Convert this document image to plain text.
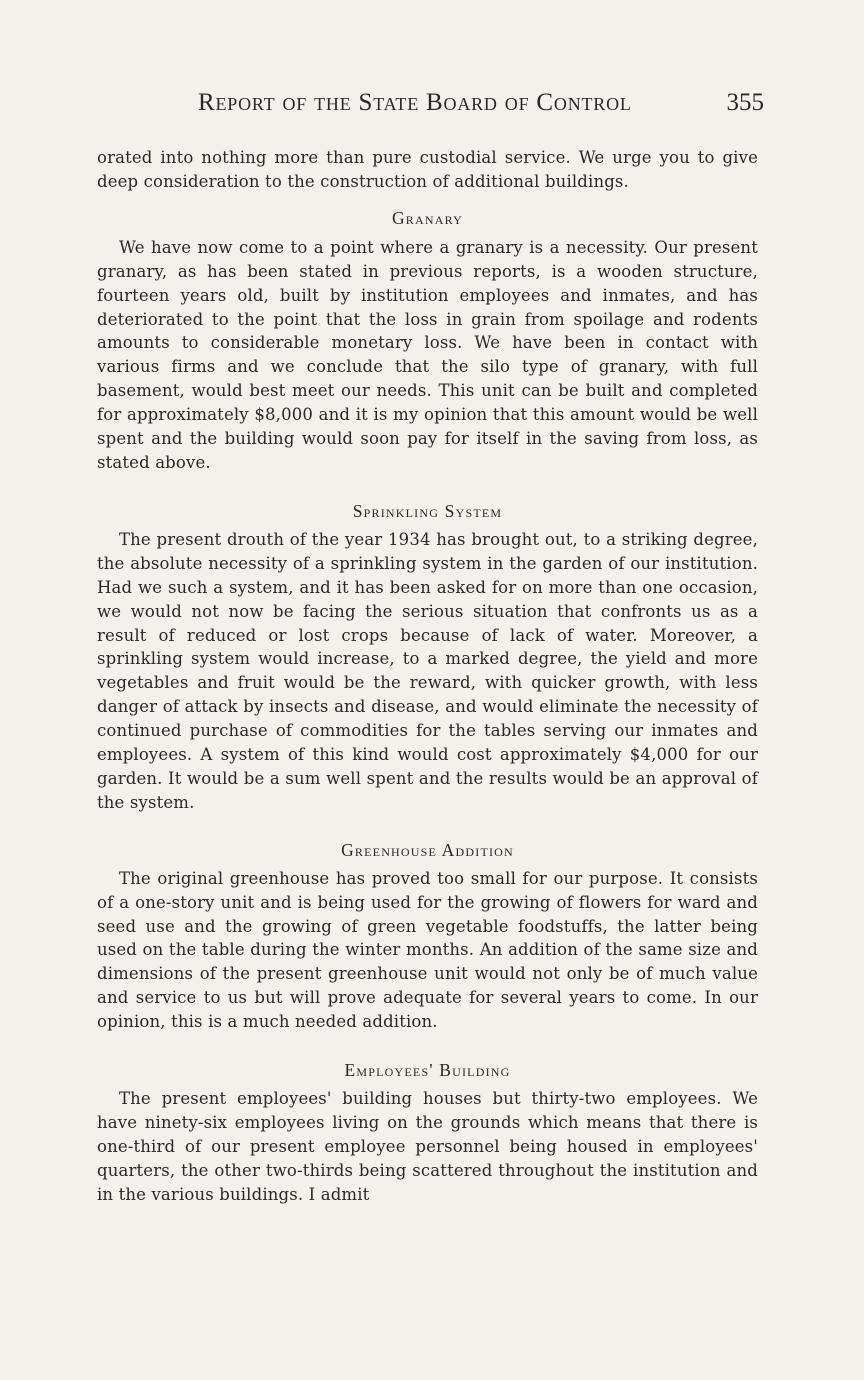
Report of the State Board of Control	355

orated into nothing more than pure custodial service. We urge you to give deep consideration to the construction of additional buildings.

Granary

We have now come to a point where a granary is a necessity. Our present granary, as has been stated in previous reports, is a wooden structure, fourteen years old, built by institution employees and inmates, and has deteriorated to the point that the loss in grain from spoilage and rodents amounts to considerable monetary loss. We have been in contact with various firms and we conclude that the silo type of granary, with full basement, would best meet our needs. This unit can be built and completed for approximately $8,000 and it is my opinion that this amount would be well spent and the building would soon pay for itself in the saving from loss, as stated above.

Sprinkling System

The present drouth of the year 1934 has brought out, to a striking degree, the absolute necessity of a sprinkling system in the garden of our institution. Had we such a system, and it has been asked for on more than one occasion, we would not now be facing the serious situation that confronts us as a result of reduced or lost crops because of lack of water. Moreover, a sprinkling system would increase, to a marked degree, the yield and more vegetables and fruit would be the reward, with quicker growth, with less danger of attack by insects and disease, and would eliminate the necessity of continued purchase of commodities for the tables serving our inmates and employees. A system of this kind would cost approximately $4,000 for our garden. It would be a sum well spent and the results would be an approval of the system.

Greenhouse Addition

The original greenhouse has proved too small for our purpose. It consists of a one-story unit and is being used for the growing of flowers for ward and seed use and the growing of green vegetable foodstuffs, the latter being used on the table during the winter months. An addition of the same size and dimensions of the present greenhouse unit would not only be of much value and service to us but will prove adequate for several years to come. In our opinion, this is a much needed addition.

Employees' Building

The present employees' building houses but thirty-two employees. We have ninety-six employees living on the grounds which means that there is one-third of our present employee personnel being housed in employees' quarters, the other two-thirds being scattered throughout the institution and in the various buildings. I admit
